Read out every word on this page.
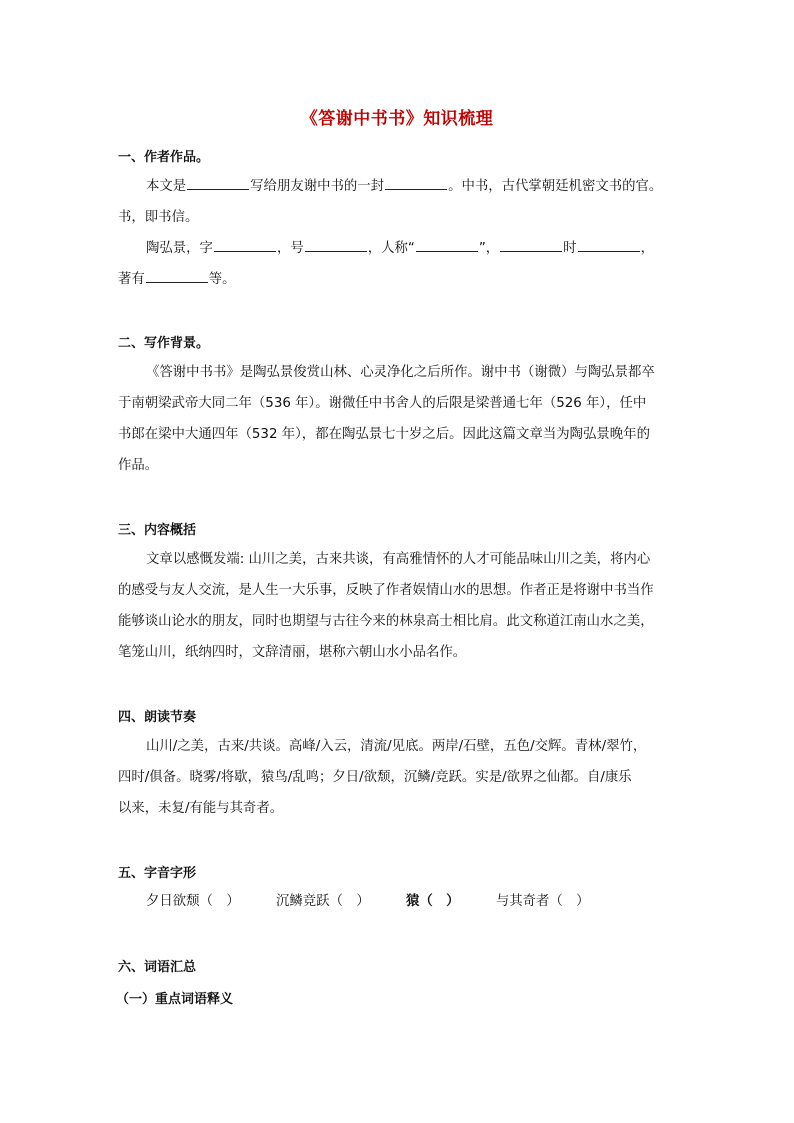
《答谢中书书》知识梳理
一、作者作品。
本文是	写给朋友谢中书的一封	。中书，古代掌朝廷机密文书的官。
书，即书信。
陶弘景，字	，号	，人称“	”，	时	，
著有	等。
二、写作背景。
《答谢中书书》是陶弘景俊赏山林、心灵净化之后所作。谢中书（谢微）与陶弘景都卒
于南朝梁武帝大同二年（536 年）。谢微任中书舍人的后限是梁普通七年（526 年），任中
书郎在梁中大通四年（532 年），都在陶弘景七十岁之后。因此这篇文章当为陶弘景晚年的
作品。
三、内容概括
文章以感慨发端: 山川之美，古来共谈，有高雅情怀的人才可能品味山川之美，将内心
的感受与友人交流，是人生一大乐事，反映了作者娱情山水的思想。作者正是将谢中书当作
能够谈山论水的朋友，同时也期望与古往今来的林泉高士相比肩。此文称道江南山水之美，
笔笼山川，纸纳四时，文辞清丽，堪称六朝山水小品名作。
四、朗读节奏
山川/之美，古来/共谈。高峰/入云，清流/见底。两岸/石壁，五色/交辉。青林/翠竹，
四时/俱备。晓雾/将歇，猿鸟/乱鸣；夕日/欲颓，沉鳞/竞跃。实是/欲界之仙都。自/康乐
以来，未复/有能与其奇者。
五、字音字形
夕日欲颓（　）	沉鳞竞跃（　）	猿（　）	与其奇者（　）
六、词语汇总
（一）重点词语释义
